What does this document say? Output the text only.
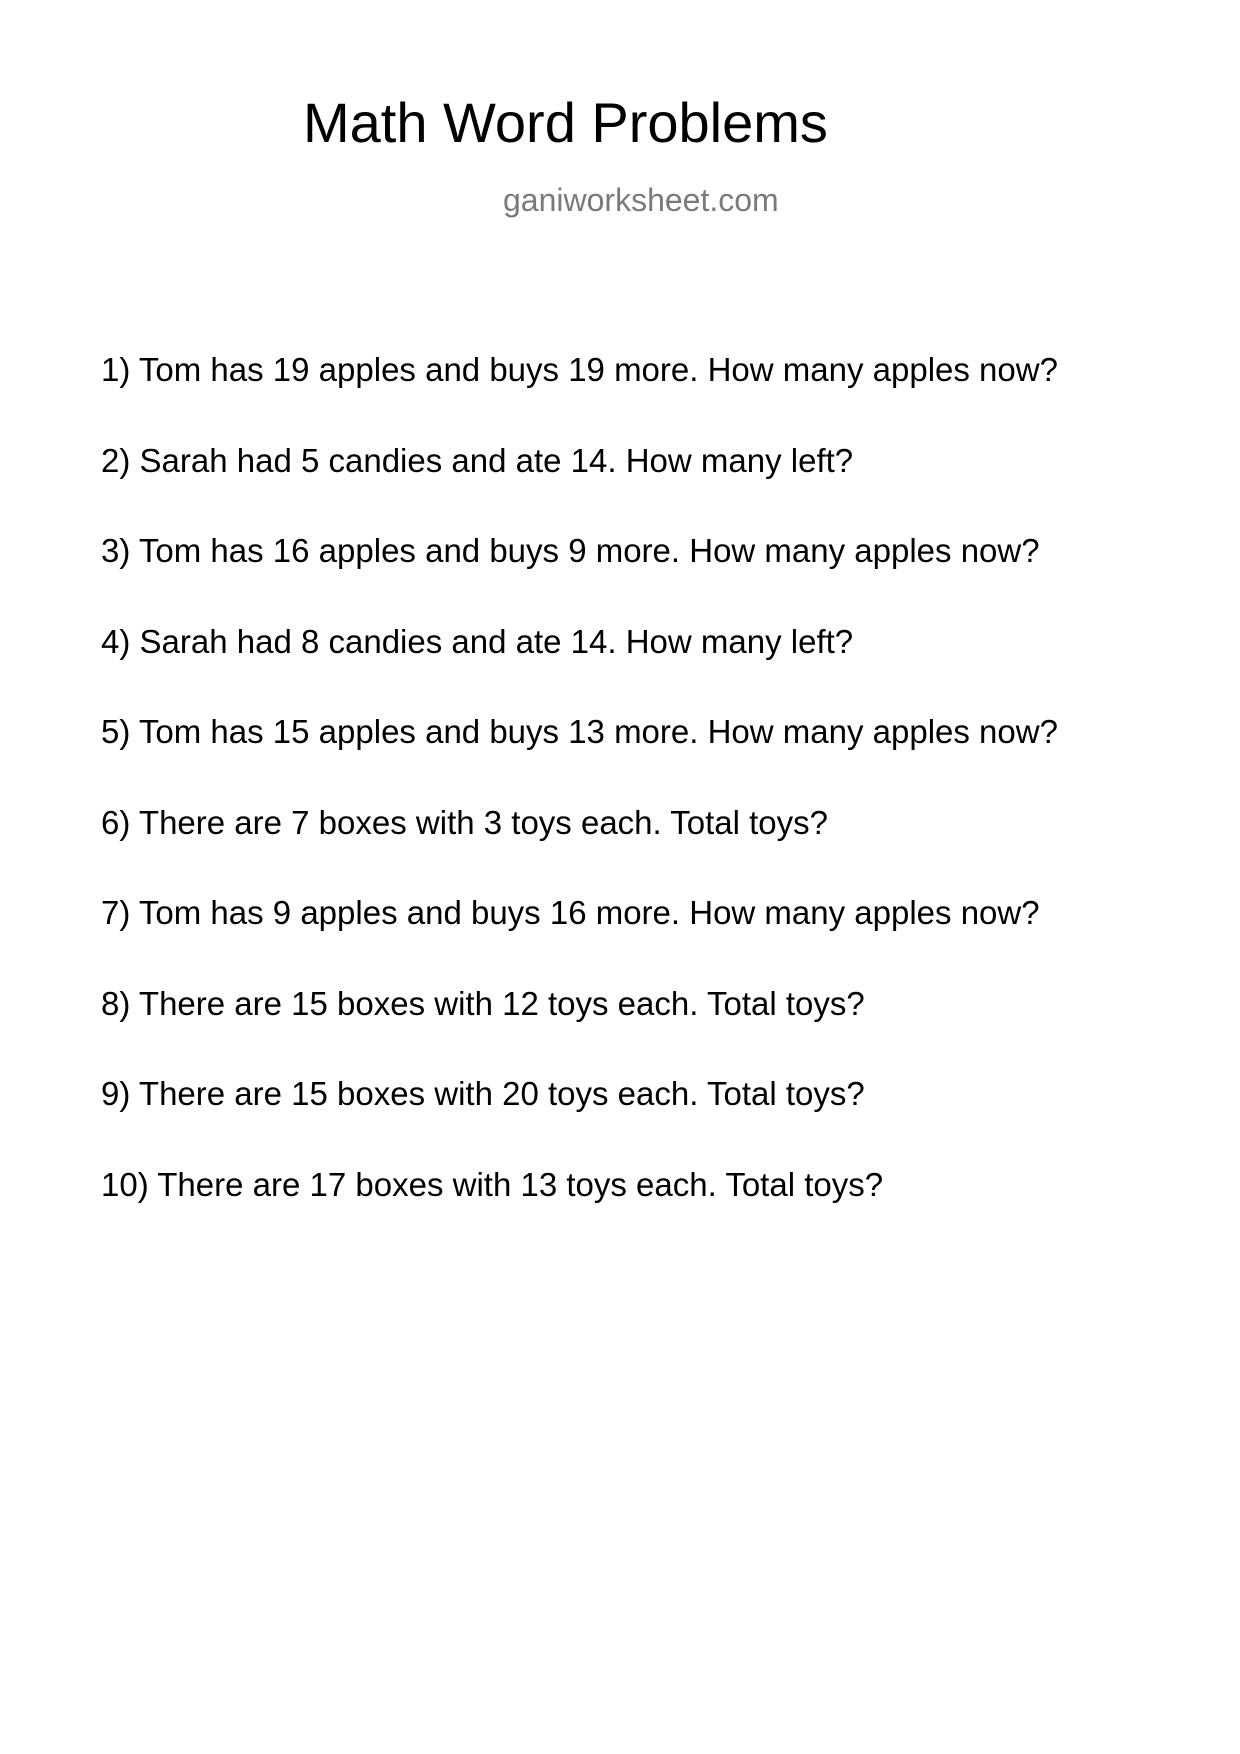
Math Word Problems

ganiworksheet.com

1) Tom has 19 apples and buys 19 more. How many apples now?
2) Sarah had 5 candies and ate 14. How many left?
3) Tom has 16 apples and buys 9 more. How many apples now?
4) Sarah had 8 candies and ate 14. How many left?
5) Tom has 15 apples and buys 13 more. How many apples now?
6) There are 7 boxes with 3 toys each. Total toys?
7) Tom has 9 apples and buys 16 more. How many apples now?
8) There are 15 boxes with 12 toys each. Total toys?
9) There are 15 boxes with 20 toys each. Total toys?
10) There are 17 boxes with 13 toys each. Total toys?
